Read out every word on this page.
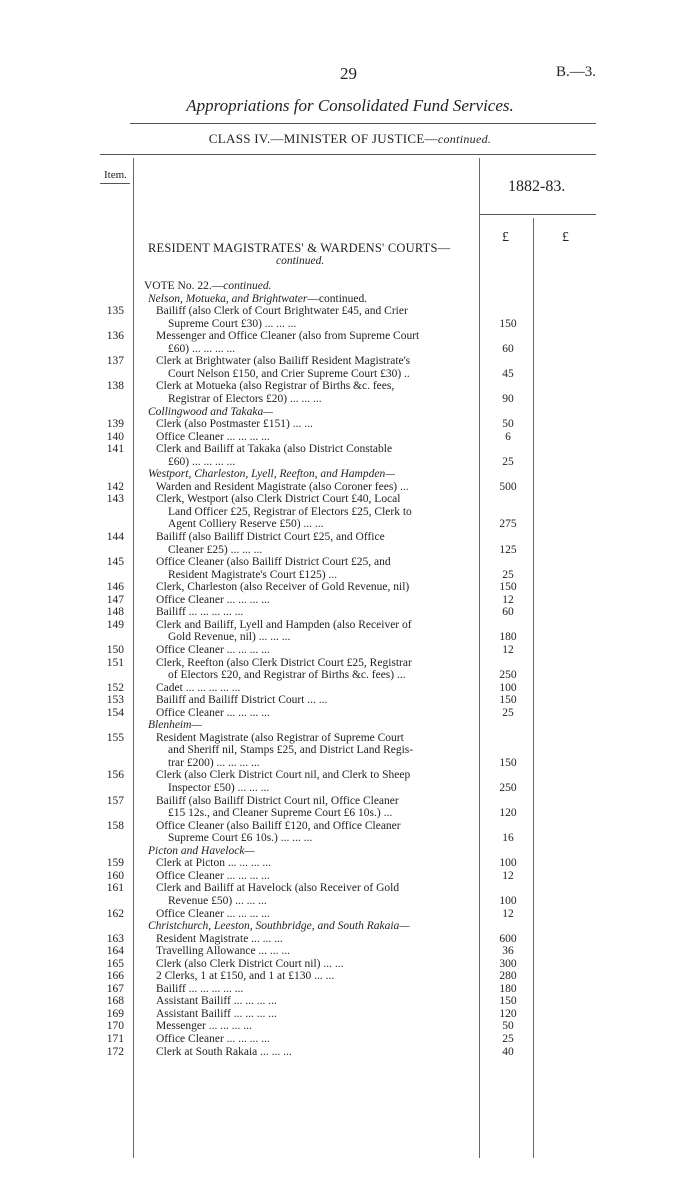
29	B.—3.
Appropriations for Consolidated Fund Services.
CLASS IV.—MINISTER OF JUSTICE—continued.
Item.
1882-83.
£	£
RESIDENT MAGISTRATES' & WARDENS' COURTS—
continued.
VOTE No. 22.—continued.
Nelson, Motueka, and Brightwater—continued.
135	Bailiff (also Clerk of Court Brightwater £45, and Crier
Supreme Court £30) ... ... ...	150
136	Messenger and Office Cleaner (also from Supreme Court
£60) ... ... ... ...	60
137	Clerk at Brightwater (also Bailiff Resident Magistrate's
Court Nelson £150, and Crier Supreme Court £30) ..	45
138	Clerk at Motueka (also Registrar of Births &c. fees,
Registrar of Electors £20) ... ... ...	90
Collingwood and Takaka—
139	Clerk (also Postmaster £151) ... ...	50
140	Office Cleaner ... ... ... ...	6
141	Clerk and Bailiff at Takaka (also District Constable
£60) ... ... ... ...	25
Westport, Charleston, Lyell, Reefton, and Hampden—
142	Warden and Resident Magistrate (also Coroner fees) ...	500
143	Clerk, Westport (also Clerk District Court £40, Local
Land Officer £25, Registrar of Electors £25, Clerk to
Agent Colliery Reserve £50) ... ...	275
144	Bailiff (also Bailiff District Court £25, and Office
Cleaner £25) ... ... ...	125
145	Office Cleaner (also Bailiff District Court £25, and
Resident Magistrate's Court £125) ...	25
146	Clerk, Charleston (also Receiver of Gold Revenue, nil)	150
147	Office Cleaner ... ... ... ...	12
148	Bailiff ... ... ... ... ...	60
149	Clerk and Bailiff, Lyell and Hampden (also Receiver of
Gold Revenue, nil) ... ... ...	180
150	Office Cleaner ... ... ... ...	12
151	Clerk, Reefton (also Clerk District Court £25, Registrar
of Electors £20, and Registrar of Births &c. fees) ...	250
152	Cadet ... ... ... ... ...	100
153	Bailiff and Bailiff District Court ... ...	150
154	Office Cleaner ... ... ... ...	25
Blenheim—
155	Resident Magistrate (also Registrar of Supreme Court
and Sheriff nil, Stamps £25, and District Land Regis-
trar £200) ... ... ... ...	150
156	Clerk (also Clerk District Court nil, and Clerk to Sheep
Inspector £50) ... ... ...	250
157	Bailiff (also Bailiff District Court nil, Office Cleaner
£15 12s., and Cleaner Supreme Court £6 10s.) ...	120
158	Office Cleaner (also Bailiff £120, and Office Cleaner
Supreme Court £6 10s.) ... ... ...	16
Picton and Havelock—
159	Clerk at Picton ... ... ... ...	100
160	Office Cleaner ... ... ... ...	12
161	Clerk and Bailiff at Havelock (also Receiver of Gold
Revenue £50) ... ... ...	100
162	Office Cleaner ... ... ... ...	12
Christchurch, Leeston, Southbridge, and South Rakaia—
163	Resident Magistrate ... ... ...	600
164	Travelling Allowance ... ... ...	36
165	Clerk (also Clerk District Court nil) ... ...	300
166	2 Clerks, 1 at £150, and 1 at £130 ... ...	280
167	Bailiff ... ... ... ... ...	180
168	Assistant Bailiff ... ... ... ...	150
169	Assistant Bailiff ... ... ... ...	120
170	Messenger ... ... ... ...	50
171	Office Cleaner ... ... ... ...	25
172	Clerk at South Rakaia ... ... ...	40
